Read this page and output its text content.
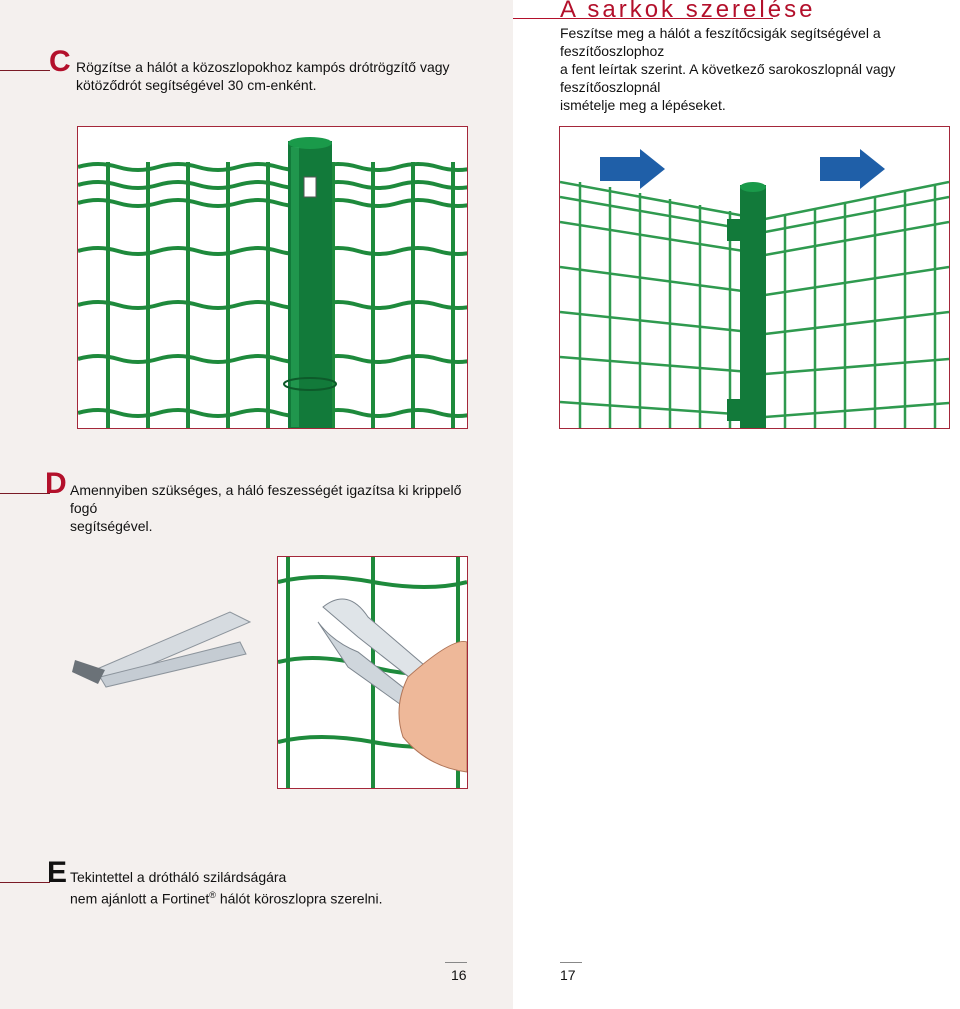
C Rögzítse a hálót a közoszlopokhoz kampós drótrögzítő vagy
kötöződrót segítségével 30 cm-enként.
A sarkok szerelése
Feszítse meg a hálót a feszítőcsigák segítségével a feszítőoszlophoz
a fent leírtak szerint. A következő sarokoszlopnál vagy feszítőoszlopnál
ismételje meg a lépéseket.
D Amennyiben szükséges, a háló feszességét igazítsa ki krippelő fogó
segítségével.
E Tekintettel a drótháló szilárdságára
nem ajánlott a Fortinet® hálót köroszlopra szerelni.
16	17
